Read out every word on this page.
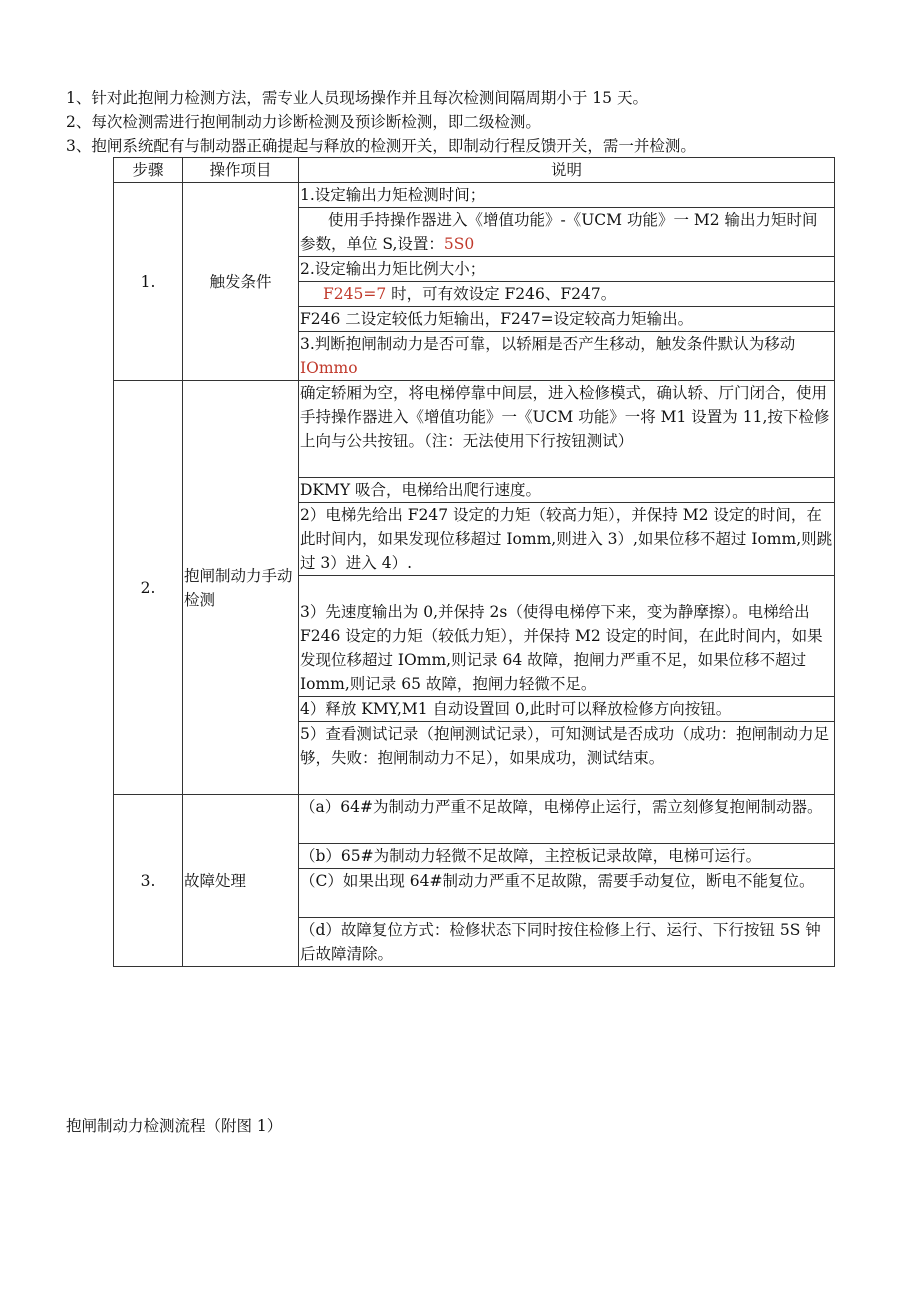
1、针对此抱闸力检测方法，需专业人员现场操作并且每次检测间隔周期小于 15 天。

2、每次检测需进行抱闸制动力诊断检测及预诊断检测，即二级检测。

3、抱闸系统配有与制动器正确提起与释放的检测开关，即制动行程反馈开关，需一并检测。

步骤	操作项目	说明
1.	触发条件	1.设定输出力矩检测时间；
		使用手持操作器进入《增值功能》-《UCM 功能》一 M2 输出力矩时间参数，单位 S,设置：5S0
		2.设定输出力矩比例大小；
		F245=7 时，可有效设定 F246、F247。
		F246 二设定较低力矩输出，F247=设定较高力矩输出。
		3.判断抱闸制动力是否可靠，以轿厢是否产生移动，触发条件默认为移动 IOmmo
2.	抱闸制动力手动检测	确定轿厢为空，将电梯停靠中间层，进入检修模式，确认轿、厅门闭合，使用手持操作器进入《增值功能》一《UCM 功能》一将 M1 设置为 11,按下检修上向与公共按钮。（注：无法使用下行按钮测试）
		DKMY 吸合，电梯给出爬行速度。
		2）电梯先给出 F247 设定的力矩（较高力矩），并保持 M2 设定的时间，在此时间内，如果发现位移超过 Iomm,则进入 3）,如果位移不超过 Iomm,则跳过 3）进入 4）.
		3）先速度输出为 0,并保持 2s（使得电梯停下来，变为静摩擦）。电梯给出 F246 设定的力矩（较低力矩），并保持 M2 设定的时间，在此时间内，如果发现位移超过 IOmm,则记录 64 故障，抱闸力严重不足，如果位移不超过 Iomm,则记录 65 故障，抱闸力轻微不足。
		4）释放 KMY,M1 自动设置回 0,此时可以释放检修方向按钮。
		5）查看测试记录（抱闸测试记录），可知测试是否成功（成功：抱闸制动力足够，失败：抱闸制动力不足），如果成功，测试结束。
3.	故障处理	（a）64#为制动力严重不足故障，电梯停止运行，需立刻修复抱闸制动器。
		（b）65#为制动力轻微不足故障，主控板记录故障，电梯可运行。
		（C）如果出现 64#制动力严重不足故隙，需要手动复位，断电不能复位。
		（d）故障复位方式：检修状态下同时按住检修上行、运行、下行按钮 5S 钟后故障清除。
抱闸制动力检测流程（附图 1）
